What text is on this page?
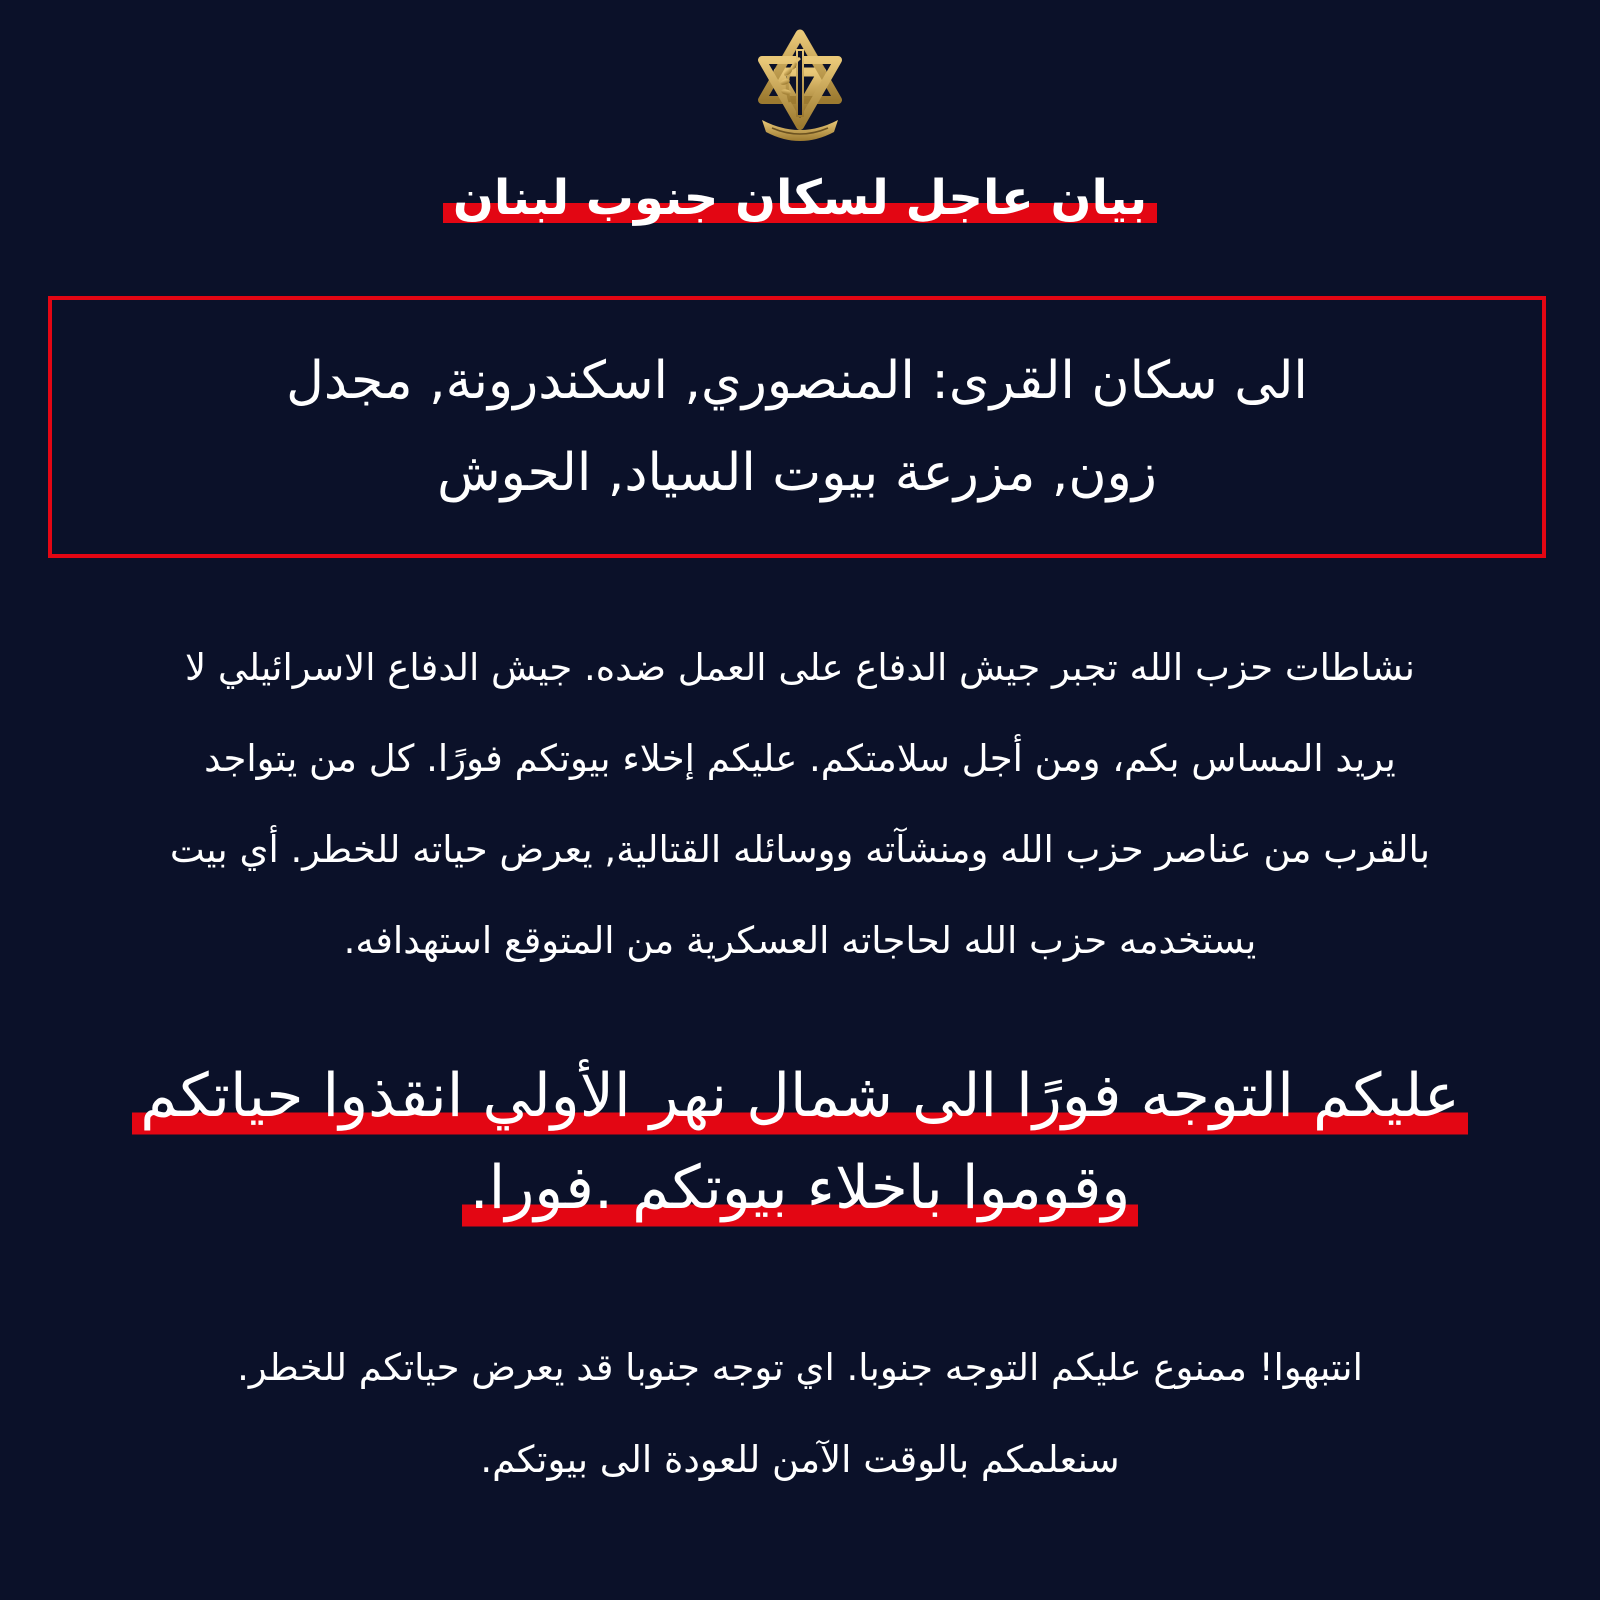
بيان عاجل لسكان جنوب لبنان
الى سكان القرى: المنصوري, اسكندرونة, مجدل
زون, مزرعة بيوت السياد, الحوش
نشاطات حزب الله تجبر جيش الدفاع على العمل ضده. جيش الدفاع الاسرائيلي لا
يريد المساس بكم، ومن أجل سلامتكم. عليكم إخلاء بيوتكم فورًا. كل من يتواجد
بالقرب من عناصر حزب الله ومنشآته ووسائله القتالية, يعرض حياته للخطر. أي بيت
يستخدمه حزب الله لحاجاته العسكرية من المتوقع استهدافه.
عليكم التوجه فورًا الى شمال نهر الأولي انقذوا حياتكم
وقوموا باخلاء بيوتكم .فورا.
انتبهوا! ممنوع عليكم التوجه جنوبا. اي توجه جنوبا قد يعرض حياتكم للخطر.
سنعلمكم بالوقت الآمن للعودة الى بيوتكم.
